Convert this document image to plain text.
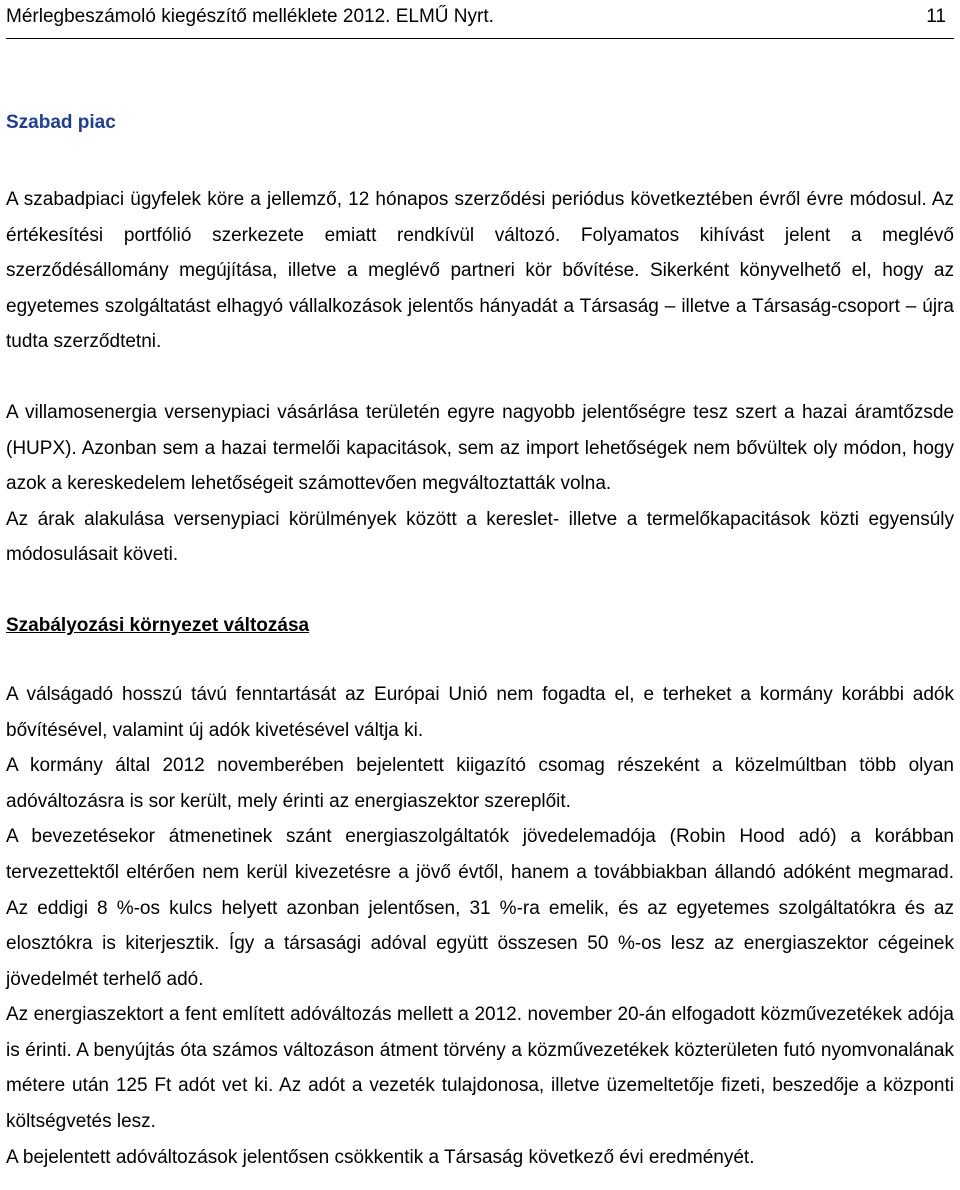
Mérlegbeszámoló kiegészítő melléklete 2012. ELMŰ Nyrt.	11
Szabad piac

A szabadpiaci ügyfelek köre a jellemző, 12 hónapos szerződési periódus következtében évről évre módosul. Az értékesítési portfólió szerkezete emiatt rendkívül változó. Folyamatos kihívást jelent a meglévő szerződésállomány megújítása, illetve a meglévő partneri kör bővítése. Sikerként könyvelhető el, hogy az egyetemes szolgáltatást elhagyó vállalkozások jelentős hányadát a Társaság – illetve a Társaság-csoport – újra tudta szerződtetni.

A villamosenergia versenypiaci vásárlása területén egyre nagyobb jelentőségre tesz szert a hazai áramtőzsde (HUPX). Azonban sem a hazai termelői kapacitások, sem az import lehetőségek nem bővültek oly módon, hogy azok a kereskedelem lehetőségeit számottevően megváltoztatták volna.

Az árak alakulása versenypiaci körülmények között a kereslet- illetve a termelőkapacitások közti egyensúly módosulásait követi.

Szabályozási környezet változása

A válságadó hosszú távú fenntartását az Európai Unió nem fogadta el, e terheket a kormány korábbi adók bővítésével, valamint új adók kivetésével váltja ki.

A kormány által 2012 novemberében bejelentett kiigazító csomag részeként a közelmúltban több olyan adóváltozásra is sor került, mely érinti az energiaszektor szereplőit.

A bevezetésekor átmenetinek szánt energiaszolgáltatók jövedelemadója (Robin Hood adó) a korábban tervezettektől eltérően nem kerül kivezetésre a jövő évtől, hanem a továbbiakban állandó adóként megmarad. Az eddigi 8 %-os kulcs helyett azonban jelentősen, 31 %-ra emelik, és az egyetemes szolgáltatókra és az elosztókra is kiterjesztik. Így a társasági adóval együtt összesen 50 %-os lesz az energiaszektor cégeinek jövedelmét terhelő adó.

Az energiaszektort a fent említett adóváltozás mellett a 2012. november 20-án elfogadott közművezetékek adója is érinti. A benyújtás óta számos változáson átment törvény a közművezetékek közterületen futó nyomvonalának métere után 125 Ft adót vet ki. Az adót a vezeték tulajdonosa, illetve üzemeltetője fizeti, beszedője a központi költségvetés lesz.

A bejelentett adóváltozások jelentősen csökkentik a Társaság következő évi eredményét.
